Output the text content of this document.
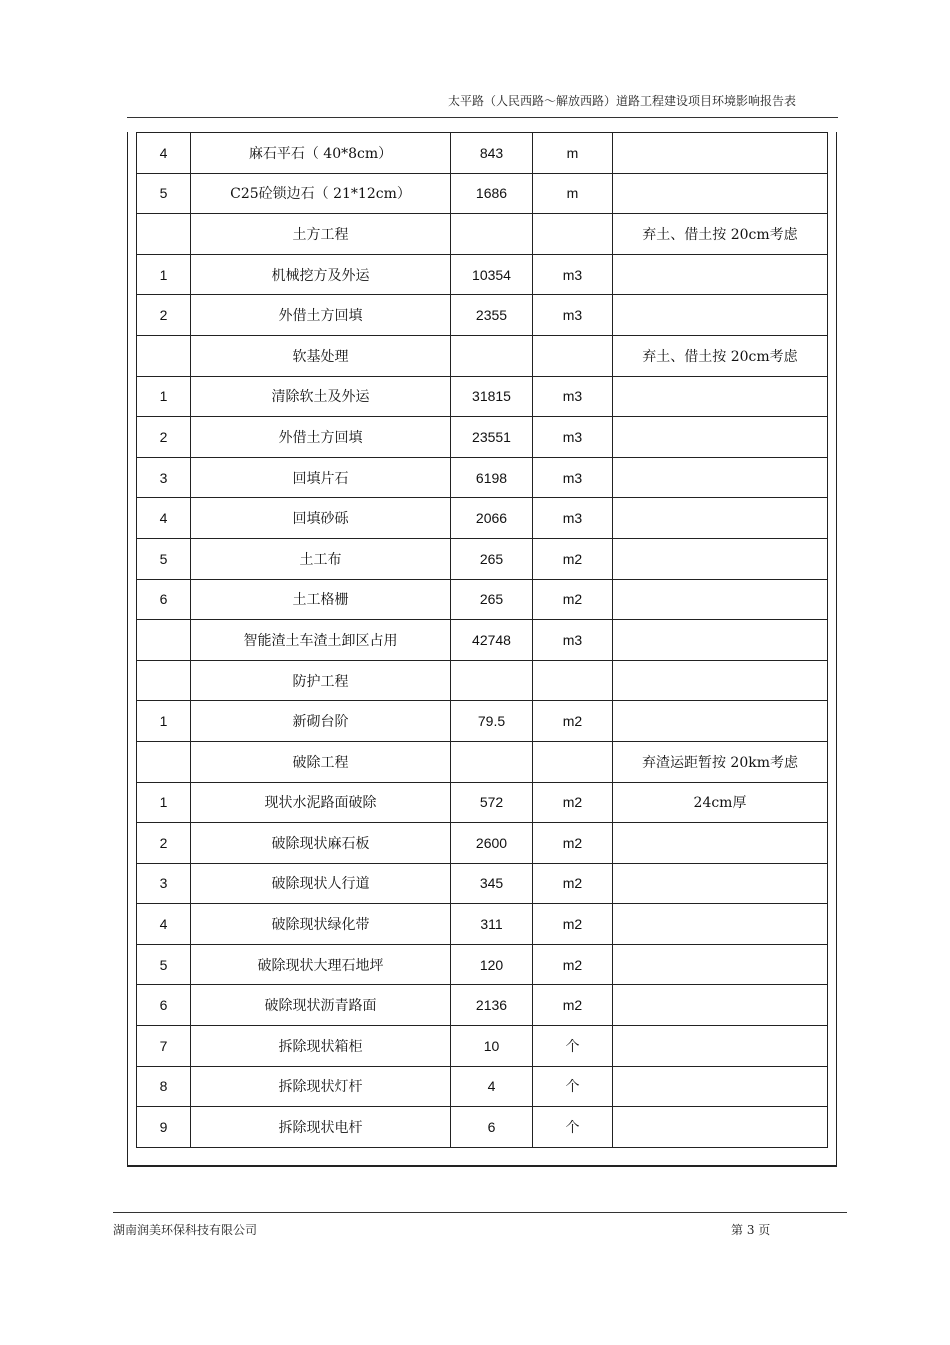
太平路（人民西路～解放西路）道路工程建设项目环境影响报告表
4	麻石平石（ 40*8cm）	843	m	
5	C25砼锁边石（ 21*12cm）	1686	m	
	土方工程			弃土、借土按 20cm考虑
1	机械挖方及外运	10354	m3	
2	外借土方回填	2355	m3	
	软基处理			弃土、借土按 20cm考虑
1	清除软土及外运	31815	m3	
2	外借土方回填	23551	m3	
3	回填片石	6198	m3	
4	回填砂砾	2066	m3	
5	土工布	265	m2	
6	土工格栅	265	m2	
	智能渣土车渣土卸区占用	42748	m3	
	防护工程			
1	新砌台阶	79.5	m2	
	破除工程			弃渣运距暂按 20km考虑
1	现状水泥路面破除	572	m2	24cm厚
2	破除现状麻石板	2600	m2	
3	破除现状人行道	345	m2	
4	破除现状绿化带	311	m2	
5	破除现状大理石地坪	120	m2	
6	破除现状沥青路面	2136	m2	
7	拆除现状箱柜	10	个	
8	拆除现状灯杆	4	个	
9	拆除现状电杆	6	个	
湖南润美环保科技有限公司	第 3 页
